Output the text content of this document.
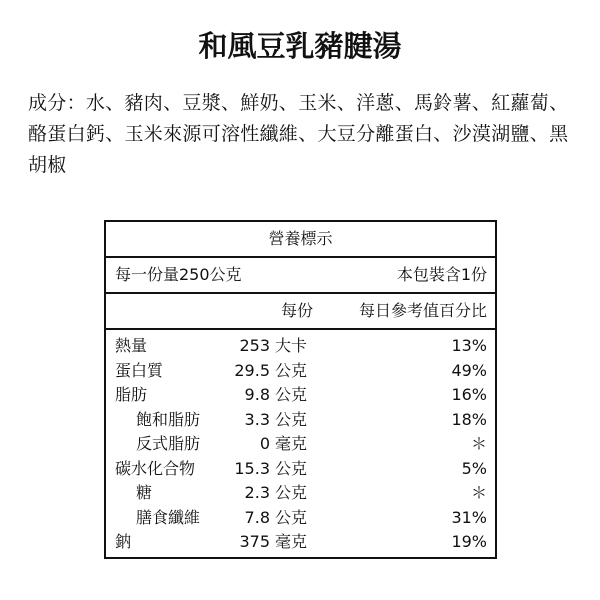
和風豆乳豬腱湯
成分：水、豬肉、豆漿、鮮奶、玉米、洋蔥、馬鈴薯、紅蘿蔔、酪蛋白鈣、玉米來源可溶性纖維、大豆分離蛋白、沙漠湖鹽、黑胡椒
營養標示
每一份量250公克	本包裝含1份
每份	每日參考值百分比
熱量	253 大卡	13%
蛋白質	29.5 公克	49%
脂肪	9.8 公克	16%
飽和脂肪	3.3 公克	18%
反式脂肪	0 毫克	＊
碳水化合物 15.3 公克	5%
糖	2.3 公克	＊
膳食纖維	7.8 公克	31%
鈉	375 毫克	19%
